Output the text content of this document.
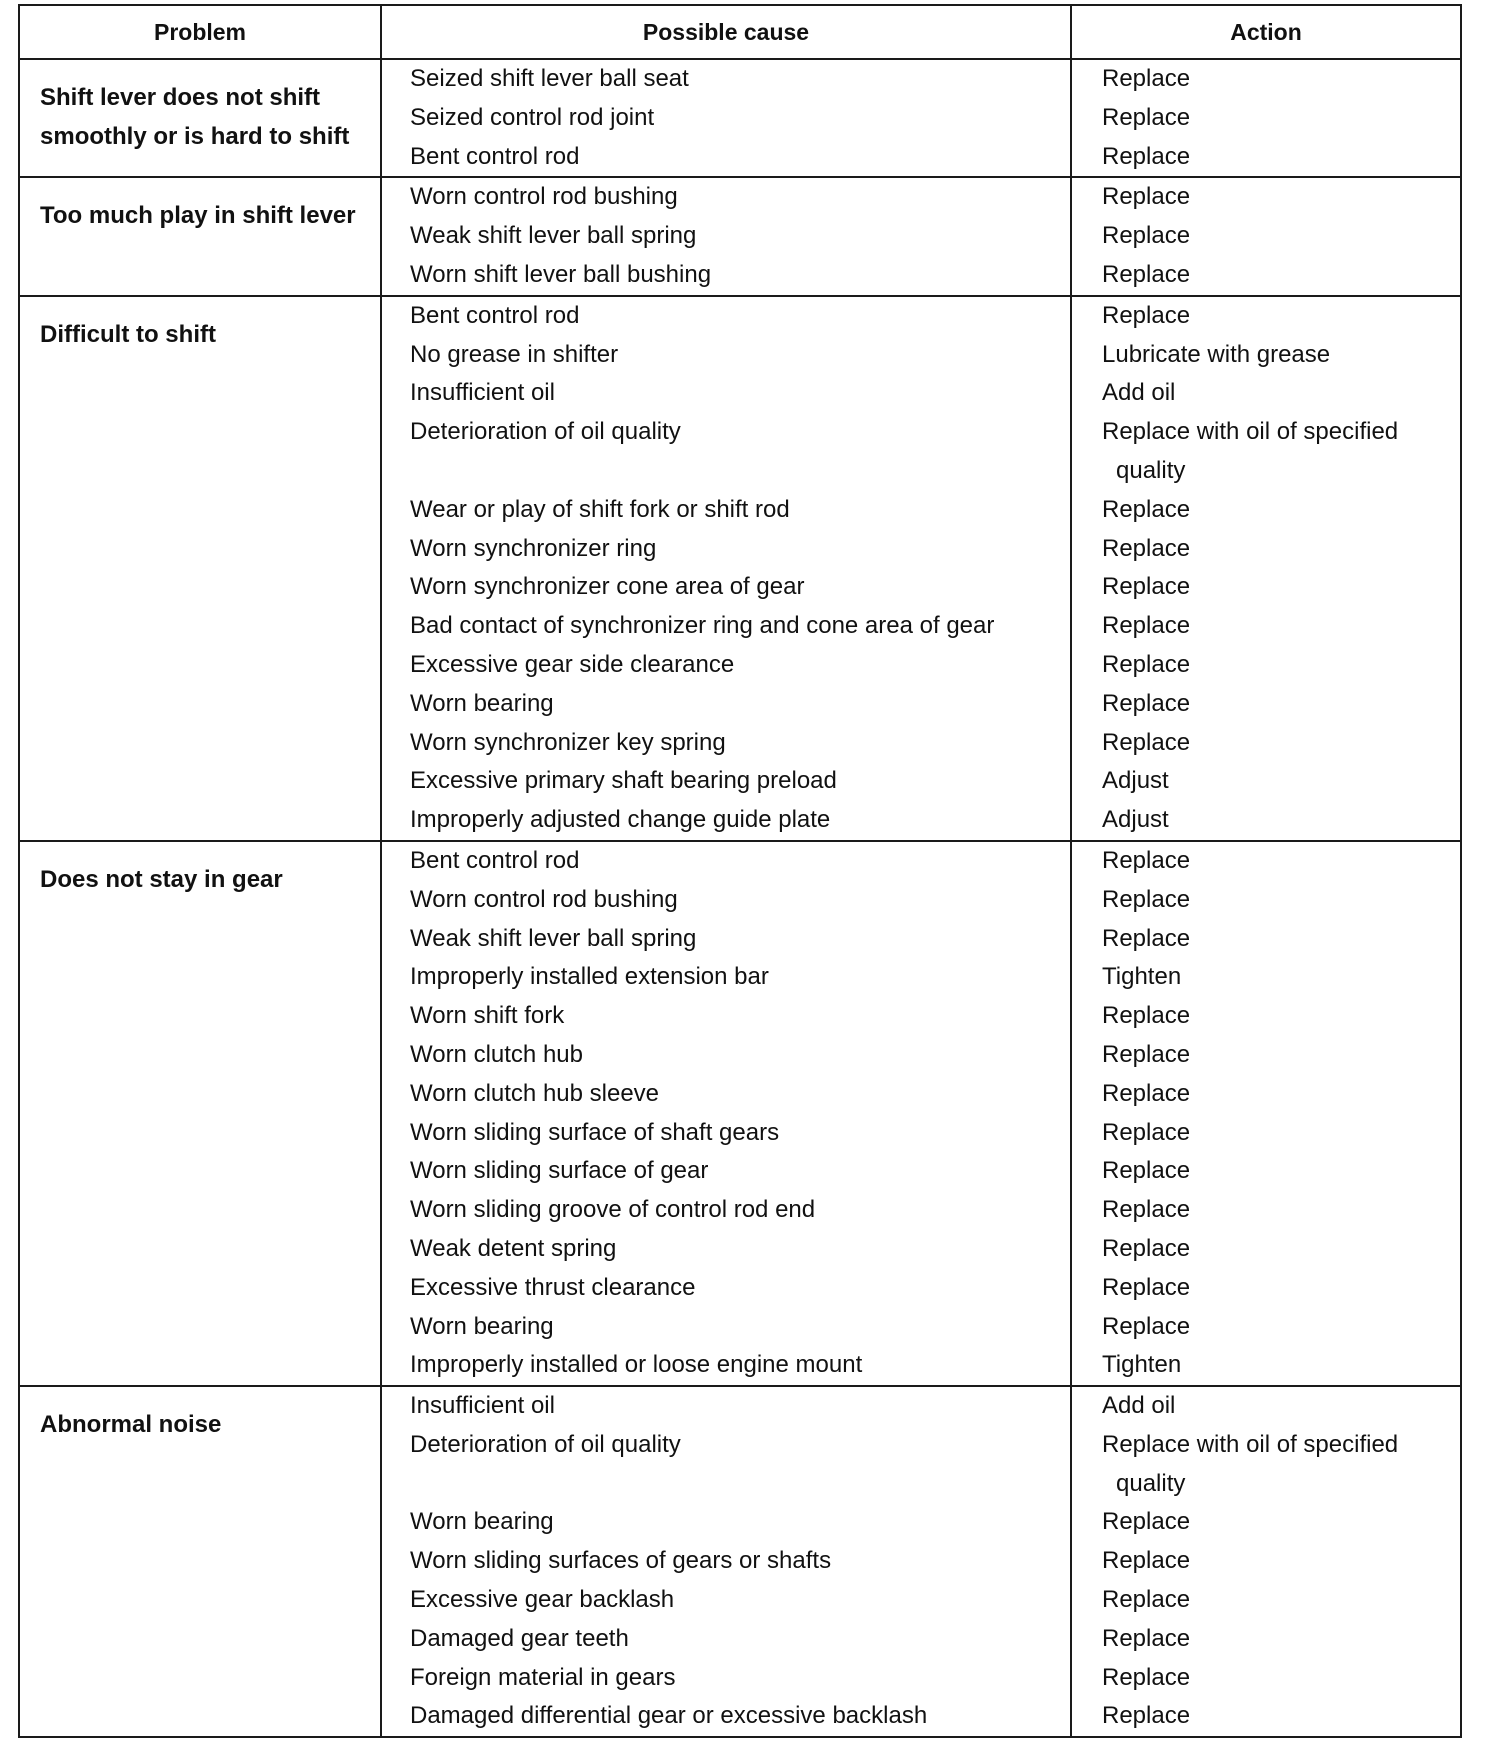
Problem	Possible cause	Action
Shift lever does not shift smoothly or is hard to shift	Seized shift lever ball seat	Replace
	Seized control rod joint	Replace
	Bent control rod	Replace
Too much play in shift lever	Worn control rod bushing	Replace
	Weak shift lever ball spring	Replace
	Worn shift lever ball bushing	Replace
Difficult to shift	Bent control rod	Replace
	No grease in shifter	Lubricate with grease
	Insufficient oil	Add oil
	Deterioration of oil quality	Replace with oil of specified
		quality
	Wear or play of shift fork or shift rod	Replace
	Worn synchronizer ring	Replace
	Worn synchronizer cone area of gear	Replace
	Bad contact of synchronizer ring and cone area of gear	Replace
	Excessive gear side clearance	Replace
	Worn bearing	Replace
	Worn synchronizer key spring	Replace
	Excessive primary shaft bearing preload	Adjust
	Improperly adjusted change guide plate	Adjust
Does not stay in gear	Bent control rod	Replace
	Worn control rod bushing	Replace
	Weak shift lever ball spring	Replace
	Improperly installed extension bar	Tighten
	Worn shift fork	Replace
	Worn clutch hub	Replace
	Worn clutch hub sleeve	Replace
	Worn sliding surface of shaft gears	Replace
	Worn sliding surface of gear	Replace
	Worn sliding groove of control rod end	Replace
	Weak detent spring	Replace
	Excessive thrust clearance	Replace
	Worn bearing	Replace
	Improperly installed or loose engine mount	Tighten
Abnormal noise	Insufficient oil	Add oil
	Deterioration of oil quality	Replace with oil of specified
		quality
	Worn bearing	Replace
	Worn sliding surfaces of gears or shafts	Replace
	Excessive gear backlash	Replace
	Damaged gear teeth	Replace
	Foreign material in gears	Replace
	Damaged differential gear or excessive backlash	Replace
